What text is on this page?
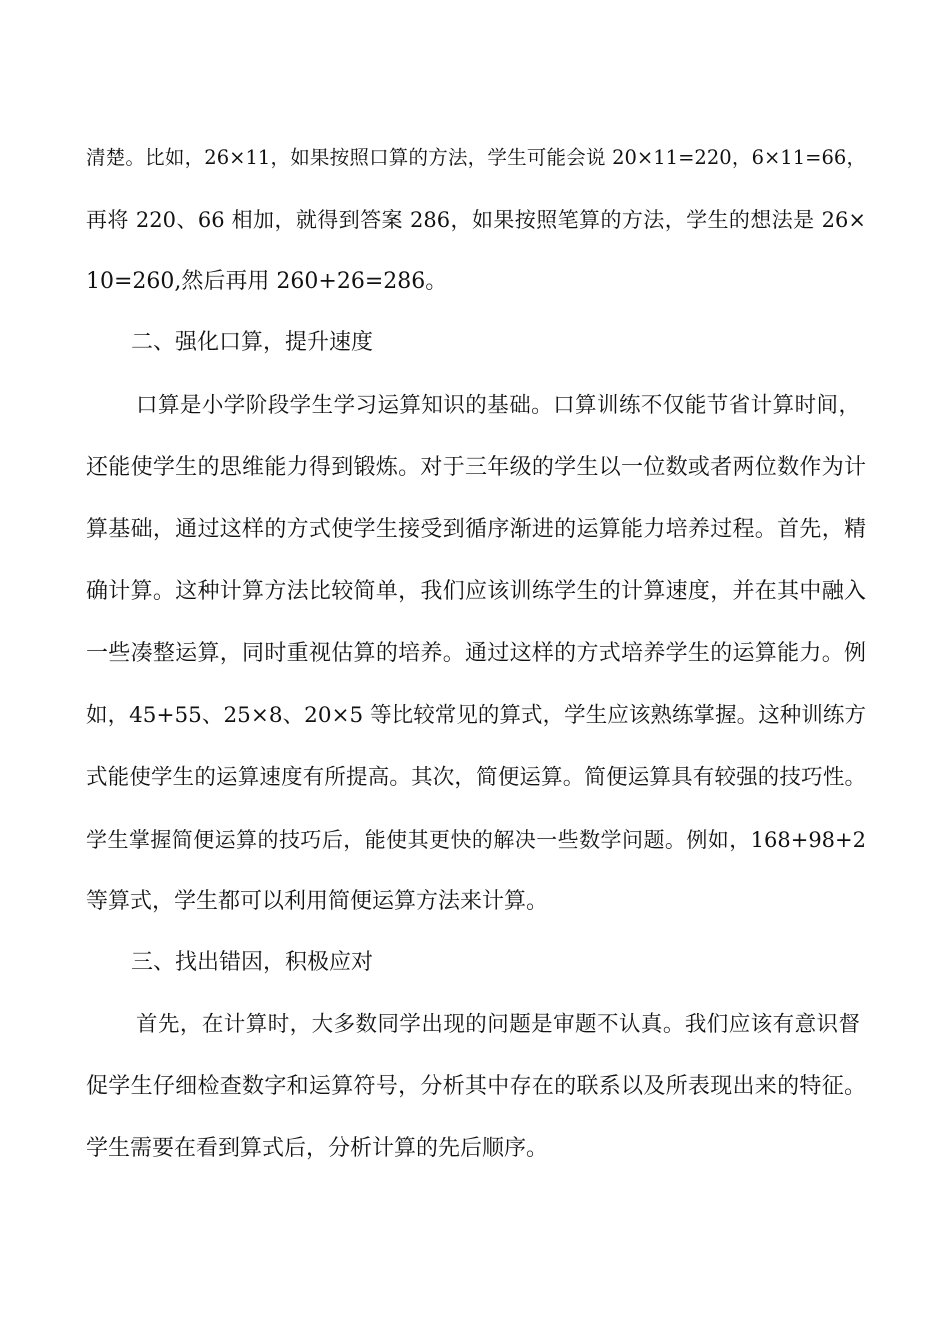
清楚。比如，26×11，如果按照口算的方法，学生可能会说 20×11=220，6×11=66，
再将 220、66 相加，就得到答案 286，如果按照笔算的方法，学生的想法是 26×
10=260,然后再用 260+26=286。
二、强化口算，提升速度
口算是小学阶段学生学习运算知识的基础。口算训练不仅能节省计算时间，
还能使学生的思维能力得到锻炼。对于三年级的学生以一位数或者两位数作为计
算基础，通过这样的方式使学生接受到循序渐进的运算能力培养过程。首先，精
确计算。这种计算方法比较简单，我们应该训练学生的计算速度，并在其中融入
一些凑整运算，同时重视估算的培养。通过这样的方式培养学生的运算能力。例
如，45+55、25×8、20×5 等比较常见的算式，学生应该熟练掌握。这种训练方
式能使学生的运算速度有所提高。其次，简便运算。简便运算具有较强的技巧性。
学生掌握简便运算的技巧后，能使其更快的解决一些数学问题。例如，168+98+2
等算式，学生都可以利用简便运算方法来计算。
三、找出错因，积极应对
首先，在计算时，大多数同学出现的问题是审题不认真。我们应该有意识督
促学生仔细检查数字和运算符号，分析其中存在的联系以及所表现出来的特征。
学生需要在看到算式后，分析计算的先后顺序。
